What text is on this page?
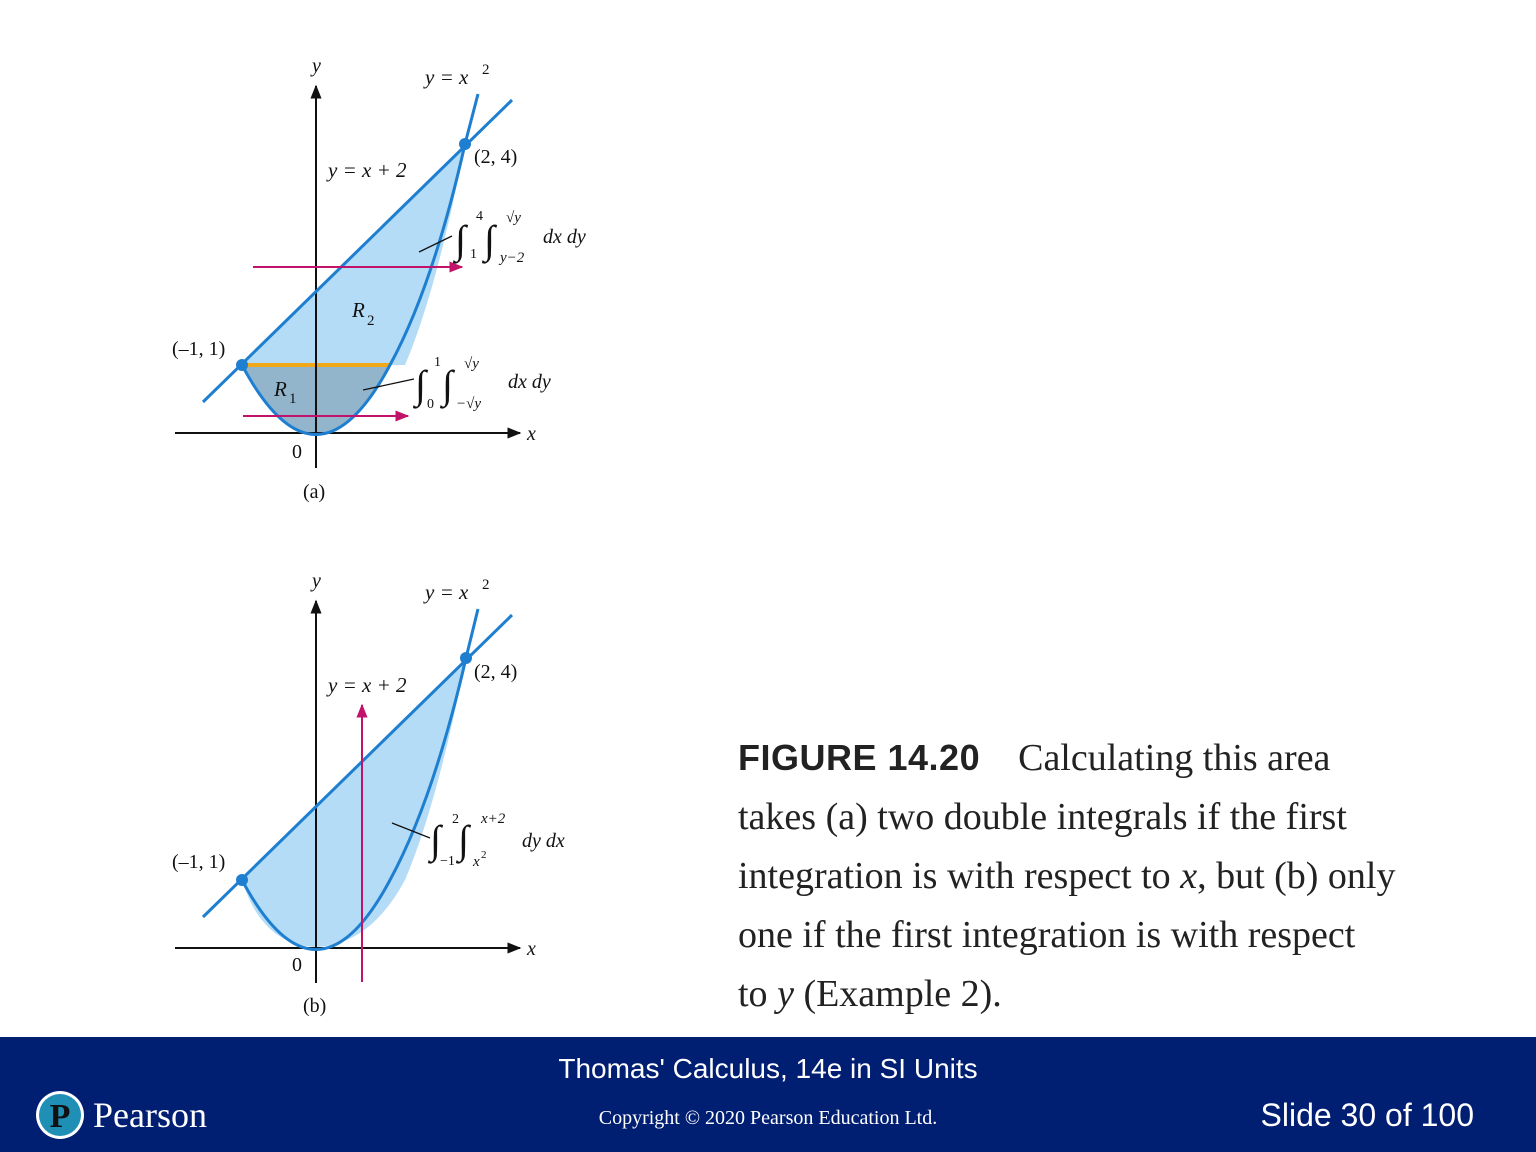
y
x
y = x 2
y = x + 2
(2, 4)
(–1, 1)
0
R 2
R 1
∫
4
1 ∫ √y
y−2
dx dy
∫ 1
0 ∫ √y
−√y
dx dy
(a)
y
x
y = x 2
y = x + 2
(2, 4)
(–1, 1)
0
∫ 2
−1 ∫ x+2
x 2
dy dx
(b)
FIGURE 14.20 Calculating this area
takes (a) two double integrals if the first
integration is with respect to x, but (b) only
one if the first integration is with respect
to y (Example 2).
P Pearson
Thomas' Calculus, 14e in SI Units
Copyright © 2020 Pearson Education Ltd.	Slide 30 of 100
